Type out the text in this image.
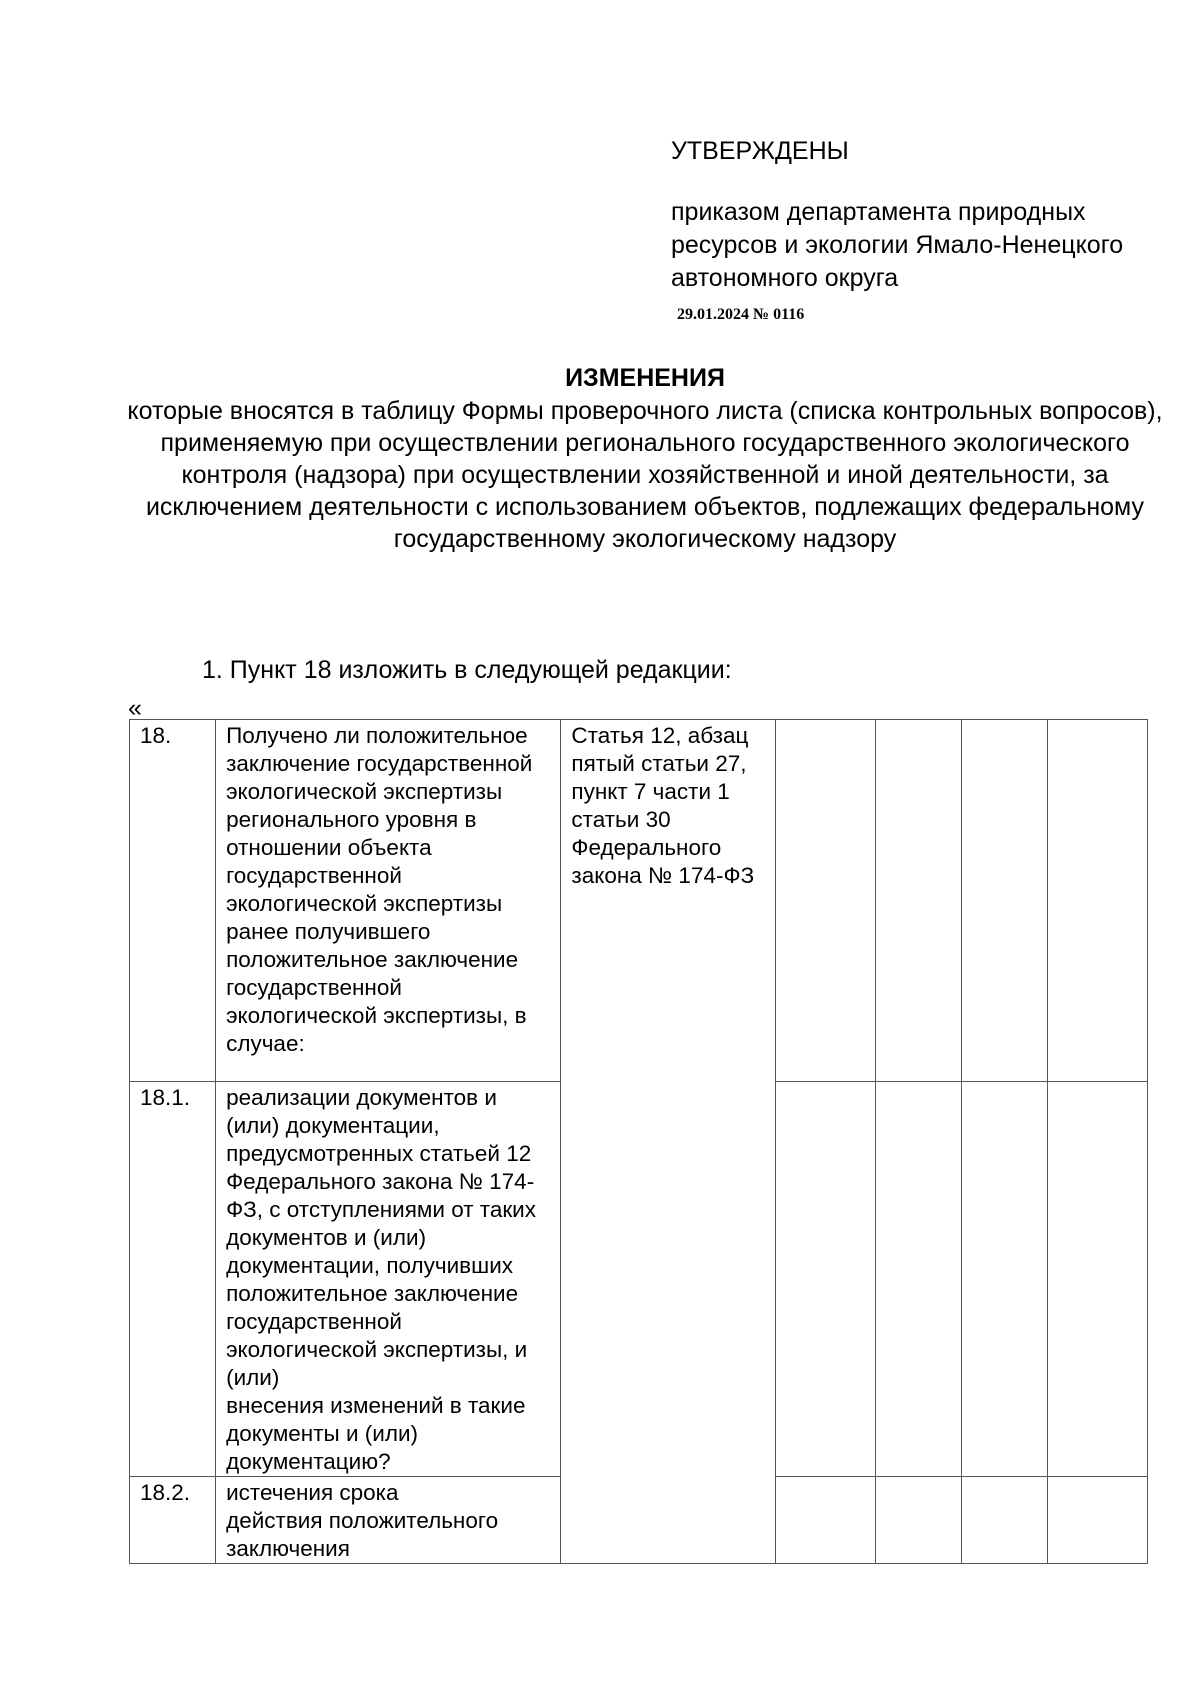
УТВЕРЖДЕНЫ

приказом департамента природных ресурсов и экологии Ямало-Ненецкого автономного округа

29.01.2024 № 0116

ИЗМЕНЕНИЯ

которые вносятся в таблицу Формы проверочного листа (списка контрольных вопросов), применяемую при осуществлении регионального государственного экологического контроля (надзора) при осуществлении хозяйственной и иной деятельности, за исключением деятельности с использованием объектов, подлежащих федеральному государственному экологическому надзору

1. Пункт 18 изложить в следующей редакции:

«
18.	Получено ли положительное заключение государственной экологической экспертизы регионального уровня в отношении объекта государственной экологической экспертизы ранее получившего положительное заключение государственной экологической экспертизы, в случае:	Статья 12, абзац пятый статьи 27, пункт 7 части 1 статьи 30 Федерального закона № 174-ФЗ				
18.1.	реализации документов и (или) документации, предусмотренных статьей 12 Федерального закона № 174-ФЗ, с отступлениями от таких документов и (или) документации, получивших положительное заключение государственной экологической экспертизы, и (или)
внесения изменений в такие документы и (или) документацию?					
18.2.	истечения срока
действия положительного заключения					
